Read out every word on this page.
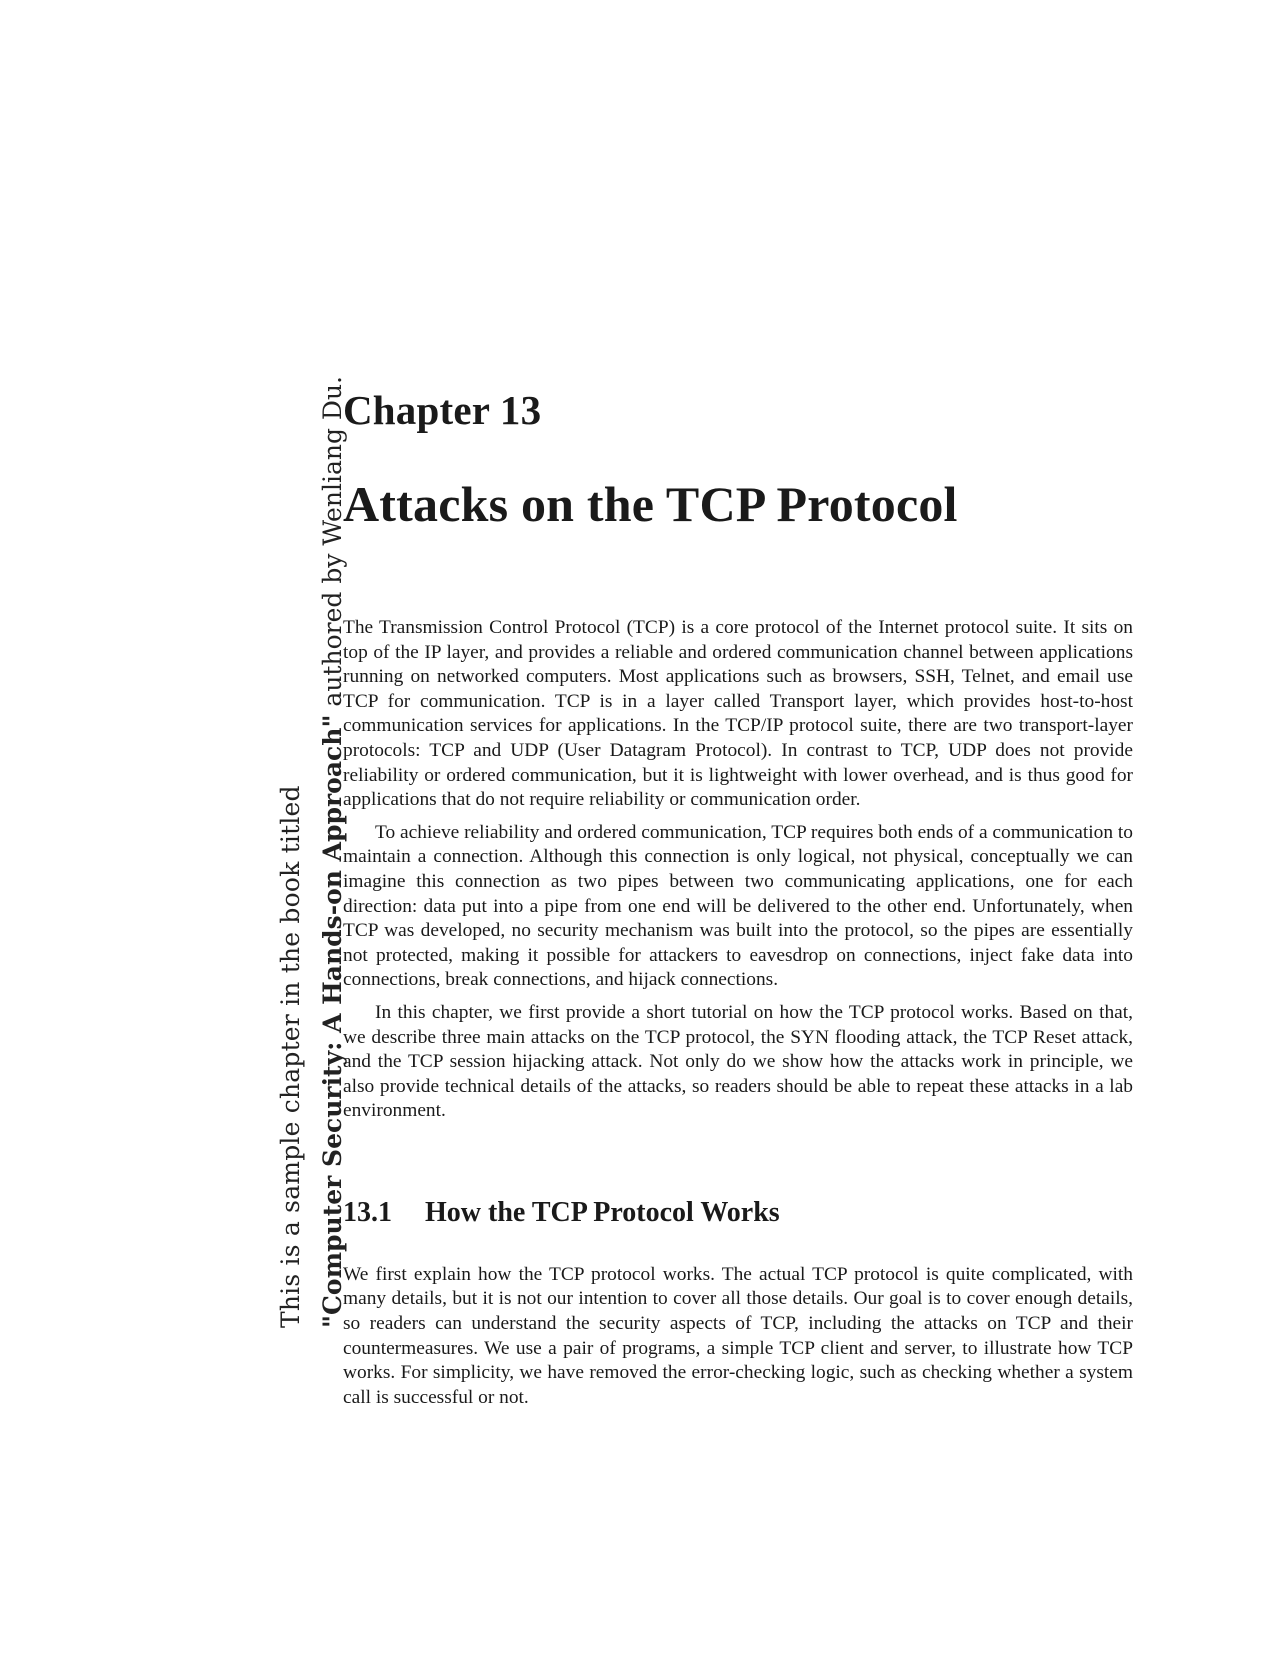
This is a sample chapter in the book titled "Computer Security: A Hands-on Approach" authored by Wenliang Du.
Chapter 13
Attacks on the TCP Protocol

The Transmission Control Protocol (TCP) is a core protocol of the Internet protocol suite. It sits on top of the IP layer, and provides a reliable and ordered communication channel between applications running on networked computers. Most applications such as browsers, SSH, Telnet, and email use TCP for communication. TCP is in a layer called Transport layer, which provides host-to-host communication services for applications. In the TCP/IP protocol suite, there are two transport-layer protocols: TCP and UDP (User Datagram Protocol). In contrast to TCP, UDP does not provide reliability or ordered communication, but it is lightweight with lower overhead, and is thus good for applications that do not require reliability or communication order.

To achieve reliability and ordered communication, TCP requires both ends of a communication to maintain a connection. Although this connection is only logical, not physical, conceptually we can imagine this connection as two pipes between two communicating applications, one for each direction: data put into a pipe from one end will be delivered to the other end. Unfortunately, when TCP was developed, no security mechanism was built into the protocol, so the pipes are essentially not protected, making it possible for attackers to eavesdrop on connections, inject fake data into connections, break connections, and hijack connections.

In this chapter, we first provide a short tutorial on how the TCP protocol works. Based on that, we describe three main attacks on the TCP protocol, the SYN flooding attack, the TCP Reset attack, and the TCP session hijacking attack. Not only do we show how the attacks work in principle, we also provide technical details of the attacks, so readers should be able to repeat these attacks in a lab environment.

13.1 How the TCP Protocol Works

We first explain how the TCP protocol works. The actual TCP protocol is quite complicated, with many details, but it is not our intention to cover all those details. Our goal is to cover enough details, so readers can understand the security aspects of TCP, including the attacks on TCP and their countermeasures. We use a pair of programs, a simple TCP client and server, to illustrate how TCP works. For simplicity, we have removed the error-checking logic, such as checking whether a system call is successful or not.
